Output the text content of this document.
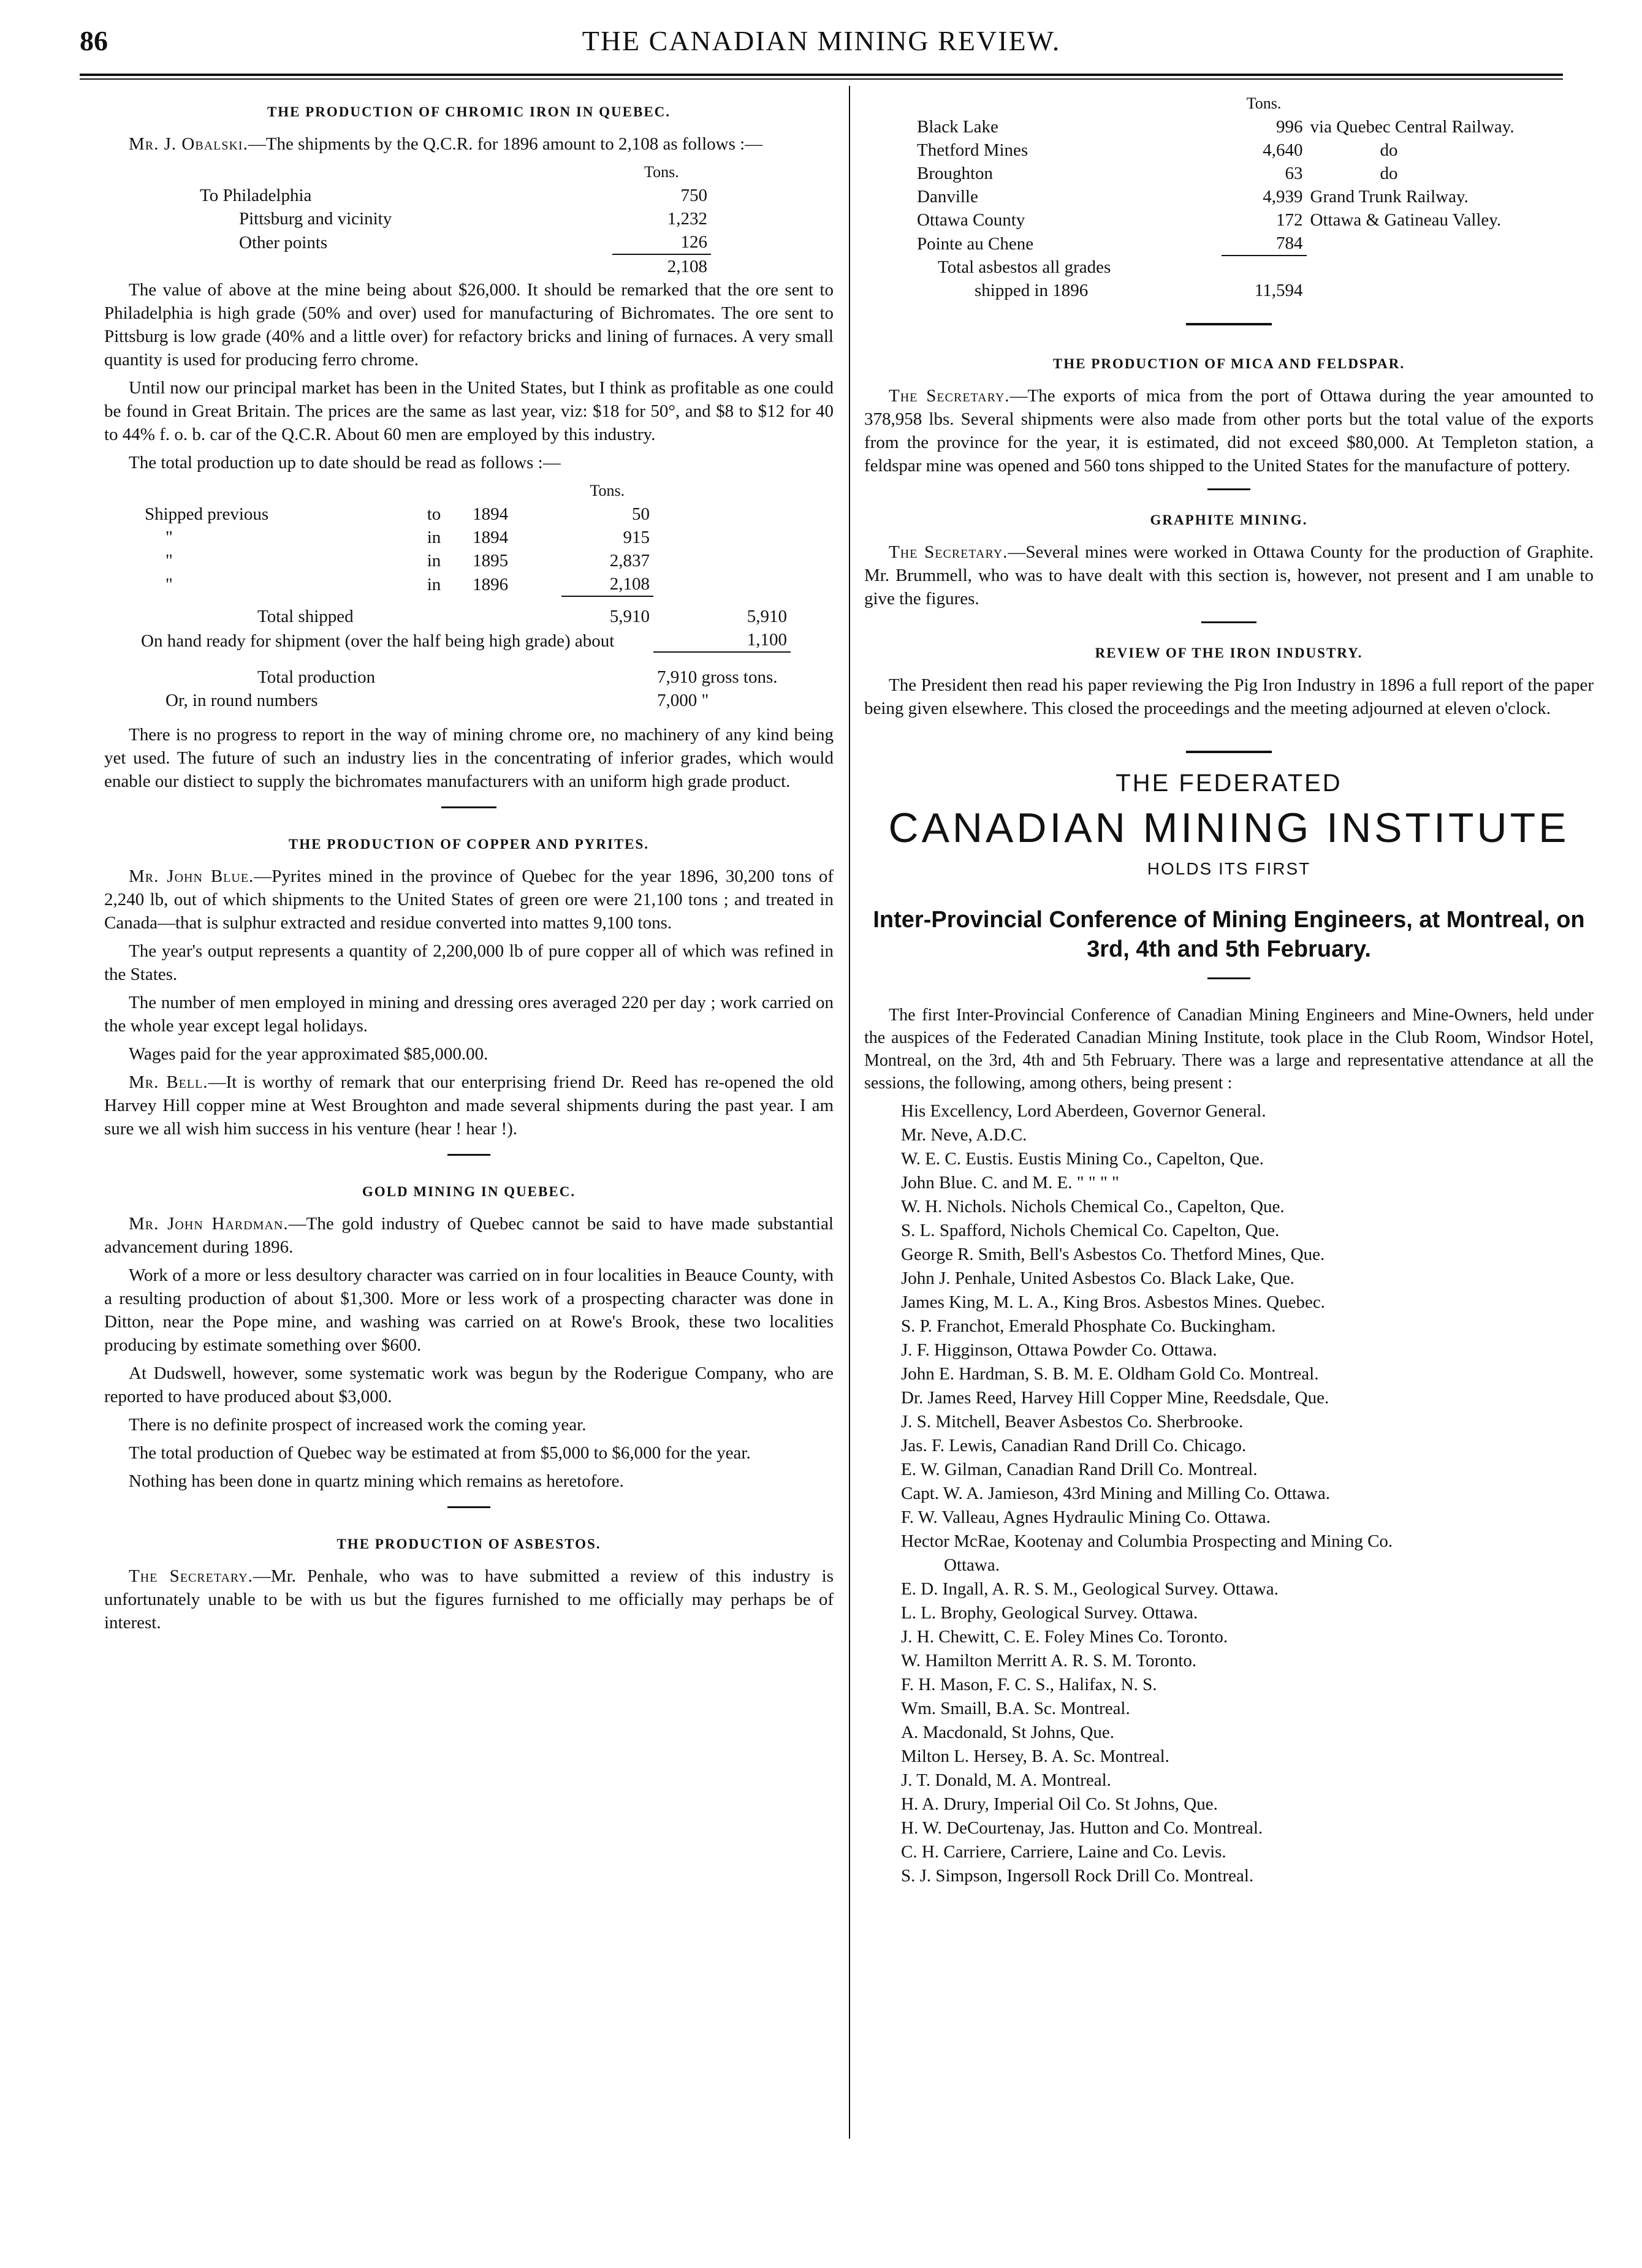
86	THE CANADIAN MINING REVIEW.
THE PRODUCTION OF CHROMIC IRON IN QUEBEC.

Mr. J. Obalski.—The shipments by the Q.C.R. for 1896 amount to 2,108 as follows :—

	Tons.
To Philadelphia	750
Pittsburg and vicinity	1,232
Other points	126
	2,108

The value of above at the mine being about $26,000. It should be remarked that the ore sent to Philadelphia is high grade (50% and over) used for manufacturing of Bichromates. The ore sent to Pittsburg is low grade (40% and a little over) for refactory bricks and lining of furnaces. A very small quantity is used for producing ferro chrome.

Until now our principal market has been in the United States, but I think as profitable as one could be found in Great Britain. The prices are the same as last year, viz: $18 for 50°, and $8 to $12 for 40 to 44% f. o. b. car of the Q.C.R. About 60 men are employed by this industry.

The total production up to date should be read as follows :—

			Tons.	
Shipped previous	to	1894	50	
"	in	1894	915	
"	in	1895	2,837	
"	in	1896	2,108	
Total shipped			5,910	5,910
On hand ready for shipment (over the half being high grade) about				1,100
Total production				7,910 gross tons.
Or, in round numbers				7,000 "

There is no progress to report in the way of mining chrome ore, no machinery of any kind being yet used. The future of such an industry lies in the concentrating of inferior grades, which would enable our distiect to supply the bichromates manufacturers with an uniform high grade product.

THE PRODUCTION OF COPPER AND PYRITES.

Mr. John Blue.—Pyrites mined in the province of Quebec for the year 1896, 30,200 tons of 2,240 lb, out of which shipments to the United States of green ore were 21,100 tons ; and treated in Canada—that is sulphur extracted and residue converted into mattes 9,100 tons.

The year's output represents a quantity of 2,200,000 lb of pure copper all of which was refined in the States.

The number of men employed in mining and dressing ores averaged 220 per day ; work carried on the whole year except legal holidays.

Wages paid for the year approximated $85,000.00.

Mr. Bell.—It is worthy of remark that our enterprising friend Dr. Reed has re-opened the old Harvey Hill copper mine at West Broughton and made several shipments during the past year. I am sure we all wish him success in his venture (hear ! hear !).

GOLD MINING IN QUEBEC.

Mr. John Hardman.—The gold industry of Quebec cannot be said to have made substantial advancement during 1896.

Work of a more or less desultory character was carried on in four localities in Beauce County, with a resulting production of about $1,300. More or less work of a prospecting character was done in Ditton, near the Pope mine, and washing was carried on at Rowe's Brook, these two localities producing by estimate something over $600.

At Dudswell, however, some systematic work was begun by the Roderigue Company, who are reported to have produced about $3,000.

There is no definite prospect of increased work the coming year.

The total production of Quebec way be estimated at from $5,000 to $6,000 for the year.

Nothing has been done in quartz mining which remains as heretofore.

THE PRODUCTION OF ASBESTOS.

The Secretary.—Mr. Penhale, who was to have submitted a review of this industry is unfortunately unable to be with us but the figures furnished to me officially may perhaps be of interest.

	Tons.	
Black Lake	996	via Quebec Central Railway.
Thetford Mines	4,640	do
Broughton	63	do
Danville	4,939	Grand Trunk Railway.
Ottawa County	172	Ottawa & Gatineau Valley.
Pointe au Chene	784	
Total asbestos all grades		
shipped in 1896	11,594	
THE PRODUCTION OF MICA AND FELDSPAR.

The Secretary.—The exports of mica from the port of Ottawa during the year amounted to 378,958 lbs. Several shipments were also made from other ports but the total value of the exports from the province for the year, it is estimated, did not exceed $80,000. At Templeton station, a feldspar mine was opened and 560 tons shipped to the United States for the manufacture of pottery.

GRAPHITE MINING.

The Secretary.—Several mines were worked in Ottawa County for the production of Graphite. Mr. Brummell, who was to have dealt with this section is, however, not present and I am unable to give the figures.

REVIEW OF THE IRON INDUSTRY.

The President then read his paper reviewing the Pig Iron Industry in 1896 a full report of the paper being given elsewhere. This closed the proceedings and the meeting adjourned at eleven o'clock.

THE FEDERATED
CANADIAN MINING INSTITUTE
HOLDS ITS FIRST
Inter-Provincial Conference of Mining Engineers, at Montreal, on 3rd, 4th and 5th February.

The first Inter-Provincial Conference of Canadian Mining Engineers and Mine-Owners, held under the auspices of the Federated Canadian Mining Institute, took place in the Club Room, Windsor Hotel, Montreal, on the 3rd, 4th and 5th February. There was a large and representative attendance at all the sessions, the following, among others, being present :

His Excellency, Lord Aberdeen, Governor General.
Mr. Neve, A.D.C.
W. E. C. Eustis. Eustis Mining Co., Capelton, Que.
John Blue. C. and M. E. " " " "
W. H. Nichols. Nichols Chemical Co., Capelton, Que.
S. L. Spafford, Nichols Chemical Co. Capelton, Que.
George R. Smith, Bell's Asbestos Co. Thetford Mines, Que.
John J. Penhale, United Asbestos Co. Black Lake, Que.
James King, M. L. A., King Bros. Asbestos Mines. Quebec.
S. P. Franchot, Emerald Phosphate Co. Buckingham.
J. F. Higginson, Ottawa Powder Co. Ottawa.
John E. Hardman, S. B. M. E. Oldham Gold Co. Montreal.
Dr. James Reed, Harvey Hill Copper Mine, Reedsdale, Que.
J. S. Mitchell, Beaver Asbestos Co. Sherbrooke.
Jas. F. Lewis, Canadian Rand Drill Co. Chicago.
E. W. Gilman, Canadian Rand Drill Co. Montreal.
Capt. W. A. Jamieson, 43rd Mining and Milling Co. Ottawa.
F. W. Valleau, Agnes Hydraulic Mining Co. Ottawa.
Hector McRae, Kootenay and Columbia Prospecting and Mining Co.
Ottawa.
E. D. Ingall, A. R. S. M., Geological Survey. Ottawa.
L. L. Brophy, Geological Survey. Ottawa.
J. H. Chewitt, C. E. Foley Mines Co. Toronto.
W. Hamilton Merritt A. R. S. M. Toronto.
F. H. Mason, F. C. S., Halifax, N. S.
Wm. Smaill, B.A. Sc. Montreal.
A. Macdonald, St Johns, Que.
Milton L. Hersey, B. A. Sc. Montreal.
J. T. Donald, M. A. Montreal.
H. A. Drury, Imperial Oil Co. St Johns, Que.
H. W. DeCourtenay, Jas. Hutton and Co. Montreal.
C. H. Carriere, Carriere, Laine and Co. Levis.
S. J. Simpson, Ingersoll Rock Drill Co. Montreal.
